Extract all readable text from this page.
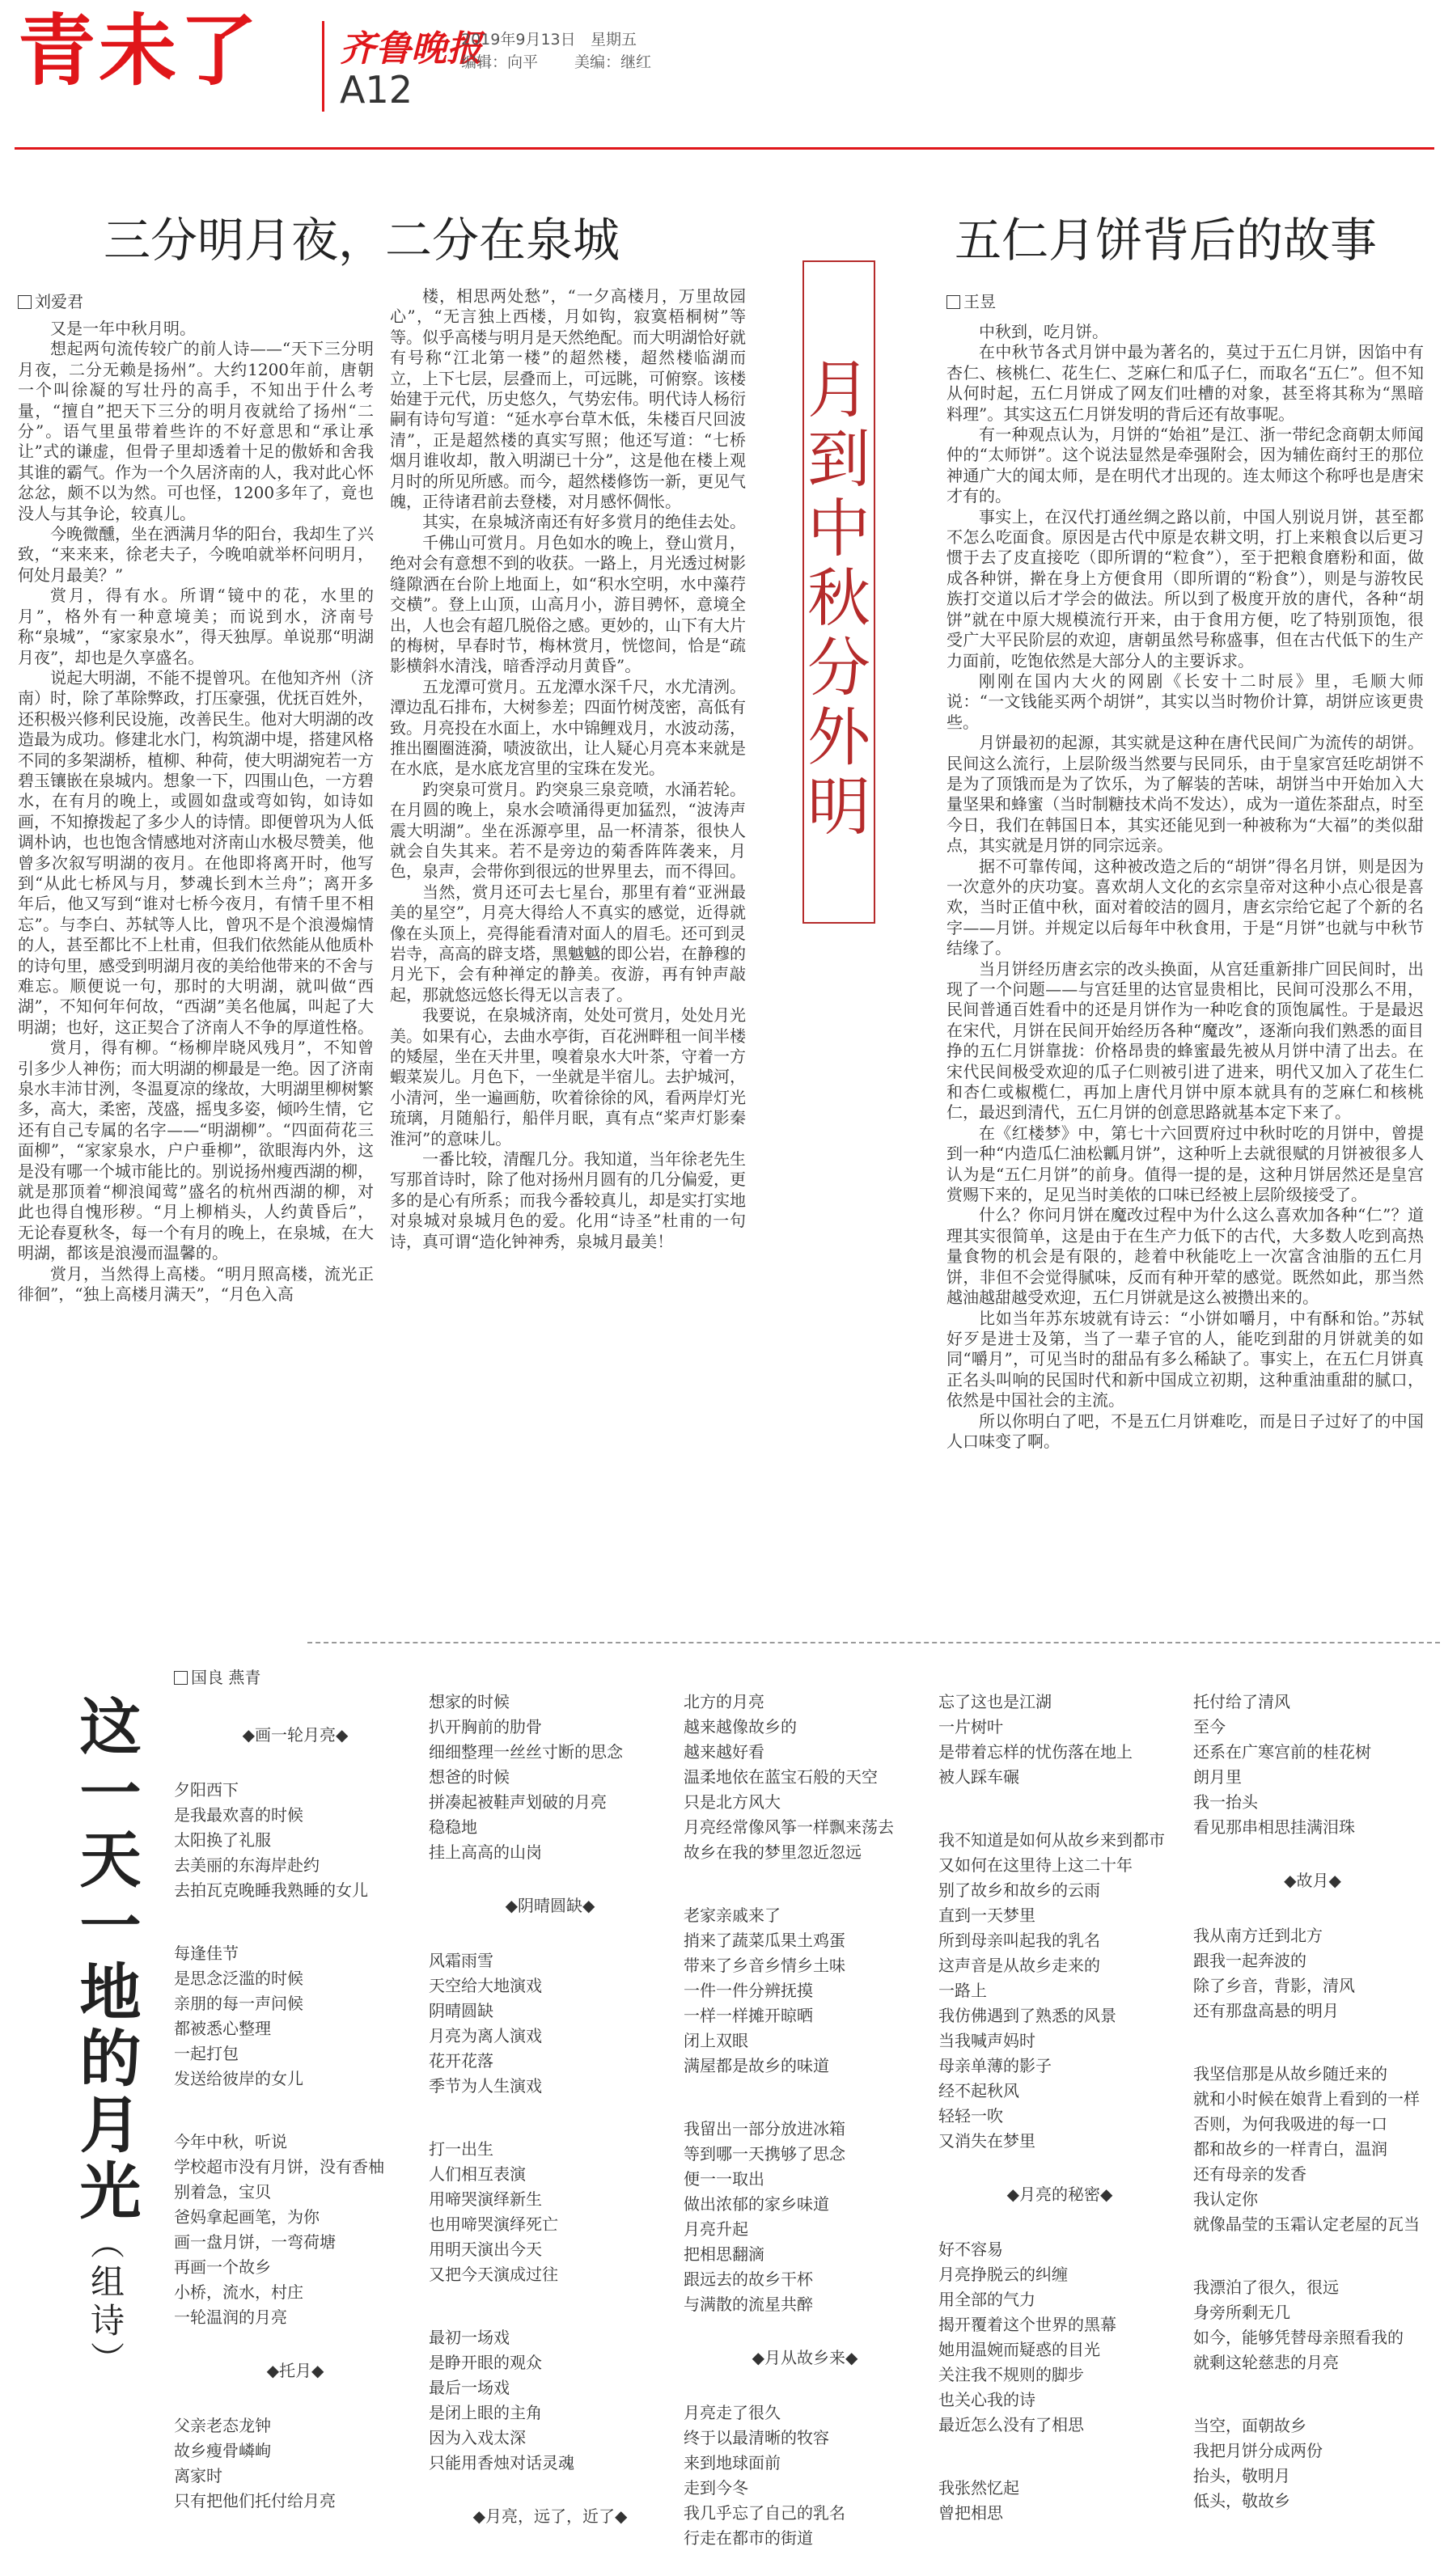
青未了 齐鲁晚报
A12
2019年9月13日 星期五
编辑：向平 美编：继红
三分明月夜，二分在泉城
刘爱君

又是一年中秋月明。

想起两句流传较广的前人诗——“天下三分明月夜，二分无赖是扬州”。大约1200年前，唐朝一个叫徐凝的写壮丹的高手，不知出于什么考量，“擅自”把天下三分的明月夜就给了扬州“二分”。语气里虽带着些许的不好意思和“承让承让”式的谦虚，但骨子里却透着十足的傲娇和舍我其谁的霸气。作为一个久居济南的人，我对此心怀忿忿，颇不以为然。可也怪，1200多年了，竟也没人与其争论，较真儿。

今晚微醺，坐在洒满月华的阳台，我却生了兴致，“来来来，徐老夫子，今晚咱就举杯问明月，何处月最美？”

赏月，得有水。所谓“镜中的花，水里的月”，格外有一种意境美；而说到水，济南号称“泉城”，“家家泉水”，得天独厚。单说那“明湖月夜”，却也是久享盛名。

说起大明湖，不能不提曾巩。在他知齐州（济南）时，除了革除弊政，打压豪强，优抚百姓外，还积极兴修利民设施，改善民生。他对大明湖的改造最为成功。修建北水门，构筑湖中堤，搭建风格不同的多架湖桥，植柳、种荷，使大明湖宛若一方碧玉镶嵌在泉城内。想象一下，四围山色，一方碧水，在有月的晚上，或圆如盘或弯如钩，如诗如画，不知撩拨起了多少人的诗情。即便曾巩为人低调朴讷，也也饱含情感地对济南山水极尽赞美，他曾多次叙写明湖的夜月。在他即将离开时，他写到“从此七桥风与月，梦魂长到木兰舟”；离开多年后，他又写到“谁对七桥今夜月，有情千里不相忘”。与李白、苏轼等人比，曾巩不是个浪漫煽情的人，甚至都比不上杜甫，但我们依然能从他质朴的诗句里，感受到明湖月夜的美给他带来的不舍与难忘。顺便说一句，那时的大明湖，就叫做“西湖”，不知何年何故，“西湖”美名他属，叫起了大明湖；也好，这正契合了济南人不争的厚道性格。

赏月，得有柳。“杨柳岸晓风残月”，不知曾引多少人神伤；而大明湖的柳最是一绝。因了济南泉水丰沛甘洌，冬温夏凉的缘故，大明湖里柳树繁多，高大，柔密，茂盛，摇曳多姿，倾吟生情，它还有自己专属的名字——“明湖柳”。“四面荷花三面柳”，“家家泉水，户户垂柳”，欲眼海内外，这是没有哪一个城市能比的。别说扬州瘦西湖的柳，就是那顶着“柳浪闻莺”盛名的杭州西湖的柳，对此也得自愧形秽。“月上柳梢头，人约黄昏后”，无论春夏秋冬，每一个有月的晚上，在泉城，在大明湖，都该是浪漫而温馨的。

赏月，当然得上高楼。“明月照高楼，流光正徘徊”，“独上高楼月满天”，“月色入高

楼，相思两处愁”，“一夕高楼月，万里故园心”，“无言独上西楼，月如钩，寂寞梧桐树”等等。似乎高楼与明月是天然绝配。而大明湖恰好就有号称“江北第一楼”的超然楼，超然楼临湖而立，上下七层，层叠而上，可远眺，可俯察。该楼始建于元代，历史悠久，气势宏伟。明代诗人杨衍嗣有诗句写道：“延水亭台草木低，朱楼百尺回波清”，正是超然楼的真实写照；他还写道：“七桥烟月谁收却，散入明湖已十分”，这是他在楼上观月时的所见所感。而今，超然楼修饬一新，更见气魄，正待诸君前去登楼，对月感怀倜怅。

其实，在泉城济南还有好多赏月的绝佳去处。

千佛山可赏月。月色如水的晚上，登山赏月，绝对会有意想不到的收获。一路上，月光透过树影缝隙洒在台阶上地面上，如“积水空明，水中藻荇交横”。登上山顶，山高月小，游目骋怀，意境全出，人也会有超几脱俗之感。更妙的，山下有大片的梅树，早春时节，梅林赏月，恍惚间，恰是“疏影横斜水清浅，暗香浮动月黄昏”。

五龙潭可赏月。五龙潭水深千尺，水尤清洌。潭边乱石排布，大树参差；四面竹树茂密，高低有致。月亮投在水面上，水中锦鲤戏月，水波动荡，推出圈圈涟漪，啧波欲出，让人疑心月亮本来就是在水底，是水底龙宫里的宝珠在发光。

趵突泉可赏月。趵突泉三泉竞喷，水涌若轮。在月圆的晚上，泉水会喷涌得更加猛烈，“波涛声震大明湖”。坐在泺源亭里，品一杯清茶，很快人就会自失其来。若不是旁边的菊香阵阵袭来，月色，泉声，会带你到很远的世界里去，而不得回。

当然，赏月还可去七星台，那里有着“亚洲最美的星空”，月亮大得给人不真实的感觉，近得就像在头顶上，亮得能看清对面人的眉毛。还可到灵岩寺，高高的辟支塔，黑魆魆的即公岩，在静穆的月光下，会有种禅定的静美。夜游，再有钟声敲起，那就悠远悠长得无以言表了。

我要说，在泉城济南，处处可赏月，处处月光美。如果有心，去曲水亭街，百花洲畔租一间半楼的矮屋，坐在天井里，嗅着泉水大叶茶，守着一方蝦菜炭儿。月色下，一坐就是半宿儿。去护城河，小清河，坐一遍画舫，吹着徐徐的风，看两岸灯光琉璃，月随船行，船伴月眠，真有点“桨声灯影秦淮河”的意味儿。

一番比较，清醒几分。我知道，当年徐老先生写那首诗时，除了他对扬州月圆有的几分偏爱，更多的是心有所系；而我今番较真儿，却是实打实地对泉城对泉城月色的爱。化用“诗圣”杜甫的一句诗，真可谓“造化钟神秀，泉城月最美！

月到中秋分外明
五仁月饼背后的故事
王昱

中秋到，吃月饼。

在中秋节各式月饼中最为著名的，莫过于五仁月饼，因馅中有杏仁、核桃仁、花生仁、芝麻仁和瓜子仁，而取名“五仁”。但不知从何时起，五仁月饼成了网友们吐槽的对象，甚至将其称为“黑暗料理”。其实这五仁月饼发明的背后还有故事呢。

有一种观点认为，月饼的“始祖”是江、浙一带纪念商朝太师闻仲的“太师饼”。这个说法显然是牵强附会，因为辅佐商纣王的那位神通广大的闻太师，是在明代才出现的。连太师这个称呼也是唐宋才有的。

事实上，在汉代打通丝绸之路以前，中国人别说月饼，甚至都不怎么吃面食。原因是古代中原是农耕文明，打上来粮食以后更习惯于去了皮直接吃（即所谓的“粒食”），至于把粮食磨粉和面，做成各种饼，擀在身上方便食用（即所谓的“粉食”），则是与游牧民族打交道以后才学会的做法。所以到了极度开放的唐代，各种“胡饼”就在中原大规模流行开来，由于食用方便，吃了特别顶饱，很受广大平民阶层的欢迎，唐朝虽然号称盛事，但在古代低下的生产力面前，吃饱依然是大部分人的主要诉求。

刚刚在国内大火的网剧《长安十二时辰》里，毛顺大师说：“一文钱能买两个胡饼”，其实以当时物价计算，胡饼应该更贵些。

月饼最初的起源，其实就是这种在唐代民间广为流传的胡饼。民间这么流行，上层阶级当然要与民同乐，由于皇家宫廷吃胡饼不是为了顶饿而是为了饮乐，为了解装的苦味，胡饼当中开始加入大量坚果和蜂蜜（当时制糖技术尚不发达），成为一道佐茶甜点，时至今日，我们在韩国日本，其实还能见到一种被称为“大福”的类似甜点，其实就是月饼的同宗远亲。

据不可靠传闻，这种被改造之后的“胡饼”得名月饼，则是因为一次意外的庆功宴。喜欢胡人文化的玄宗皇帝对这种小点心很是喜欢，当时正值中秋，面对着皎洁的圆月，唐玄宗给它起了个新的名字——月饼。并规定以后每年中秋食用，于是“月饼”也就与中秋节结缘了。

当月饼经历唐玄宗的改头换面，从宫廷重新排广回民间时，出现了一个问题——与宫廷里的达官显贵相比，民间可没那么不用，民间普通百姓看中的还是月饼作为一种吃食的顶饱属性。于是最迟在宋代，月饼在民间开始经历各种“魔改”，逐渐向我们熟悉的面目挣的五仁月饼靠拢：价格昂贵的蜂蜜最先被从月饼中清了出去。在宋代民间极受欢迎的瓜子仁则被引进了进来，明代又加入了花生仁和杏仁或椒榄仁，再加上唐代月饼中原本就具有的芝麻仁和核桃仁，最迟到清代，五仁月饼的创意思路就基本定下来了。

在《红楼梦》中，第七十六回贾府过中秋时吃的月饼中，曾提到一种“内造瓜仁油松瓤月饼”，这种听上去就很赋的月饼被很多人认为是“五仁月饼”的前身。值得一提的是，这种月饼居然还是皇宫赏赐下来的，足见当时美侬的口味已经被上层阶级接受了。

什么？你问月饼在魔改过程中为什么这么喜欢加各种“仁”？道理其实很简单，这是由于在生产力低下的古代，大多数人吃到高热量食物的机会是有限的，趁着中秋能吃上一次富含油脂的五仁月饼，非但不会觉得腻味，反而有种开荤的感觉。既然如此，那当然越油越甜越受欢迎，五仁月饼就是这么被攒出来的。

比如当年苏东坡就有诗云：“小饼如嚼月，中有酥和饴。”苏轼好歹是进士及第，当了一辈子官的人，能吃到甜的月饼就美的如同“嚼月”，可见当时的甜品有多么稀缺了。事实上，在五仁月饼真正名头叫响的民国时代和新中国成立初期，这种重油重甜的腻口，依然是中国社会的主流。

所以你明白了吧，不是五仁月饼难吃，而是日子过好了的中国人口味变了啊。

这一天一地的月光（组诗）
国良 燕青

◆画一轮月亮◆

夕阳西下
是我最欢喜的时候
太阳换了礼服
去美丽的东海岸赴约
去拍瓦克晚睡我熟睡的女儿

每逢佳节
是思念泛滥的时候
亲朋的每一声问候
都被悉心整理
一起打包
发送给彼岸的女儿

今年中秋，听说
学校超市没有月饼，没有香柚
别着急，宝贝
爸妈拿起画笔，为你
画一盘月饼，一弯荷塘
再画一个故乡
小桥，流水，村庄
一轮温润的月亮

◆托月◆

父亲老态龙钟
故乡瘦骨嶙峋
离家时
只有把他们托付给月亮

想家的时候
扒开胸前的肋骨
细细整理一丝丝寸断的思念
想爸的时候
拼凑起被鞋声划破的月亮
稳稳地
挂上高高的山岗

◆阴晴圆缺◆

风霜雨雪
天空给大地演戏
阴晴圆缺
月亮为离人演戏
花开花落
季节为人生演戏

打一出生
人们相互表演
用啼哭演绎新生
也用啼哭演绎死亡
用明天演出今天
又把今天演成过往

最初一场戏
是睁开眼的观众
最后一场戏
是闭上眼的主角
因为入戏太深
只能用香烛对话灵魂

◆月亮，远了，近了◆

北方的月亮
越来越像故乡的
越来越好看
温柔地依在蓝宝石般的天空
只是北方风大
月亮经常像风筝一样飘来荡去
故乡在我的梦里忽近忽远

老家亲戚来了
捎来了蔬菜瓜果土鸡蛋
带来了乡音乡情乡土味
一件一件分辨抚摸
一样一样摊开晾晒
闭上双眼
满屋都是故乡的味道

我留出一部分放进冰箱
等到哪一天携够了思念
便一一取出
做出浓郁的家乡味道
月亮升起
把相思翻滴
跟远去的故乡干杯
与满散的流星共醉

◆月从故乡来◆

月亮走了很久
终于以最清晰的牧容
来到地球面前
走到今冬
我几乎忘了自己的乳名
行走在都市的街道

忘了这也是江湖
一片树叶
是带着忘样的忧伤落在地上
被人踩车碾

我不知道是如何从故乡来到都市
又如何在这里待上这二十年
别了故乡和故乡的云雨
直到一天梦里
所到母亲叫起我的乳名
这声音是从故乡走来的
一路上
我仿佛遇到了熟悉的风景
当我喊声妈时
母亲单薄的影子
经不起秋风
轻轻一吹
又消失在梦里

◆月亮的秘密◆

好不容易
月亮挣脱云的纠缠
用全部的气力
揭开覆着这个世界的黑幕
她用温婉而疑惑的目光
关注我不规则的脚步
也关心我的诗
最近怎么没有了相思

我张然忆起
曾把相思

托付给了清风
至今
还系在广寒宫前的桂花树
朗月里
我一抬头
看见那串相思挂满泪珠

◆故月◆

我从南方迁到北方
跟我一起奔波的
除了乡音，背影，清风
还有那盘高悬的明月

我坚信那是从故乡随迁来的
就和小时候在娘背上看到的一样
否则，为何我吸进的每一口
都和故乡的一样青白，温润
还有母亲的发香
我认定你
就像晶莹的玉霜认定老屋的瓦当

我漂泊了很久，很远
身旁所剩无几
如今，能够凭替母亲照看我的
就剩这轮慈悲的月亮

当空，面朝故乡
我把月饼分成两份
抬头，敬明月
低头，敬故乡
